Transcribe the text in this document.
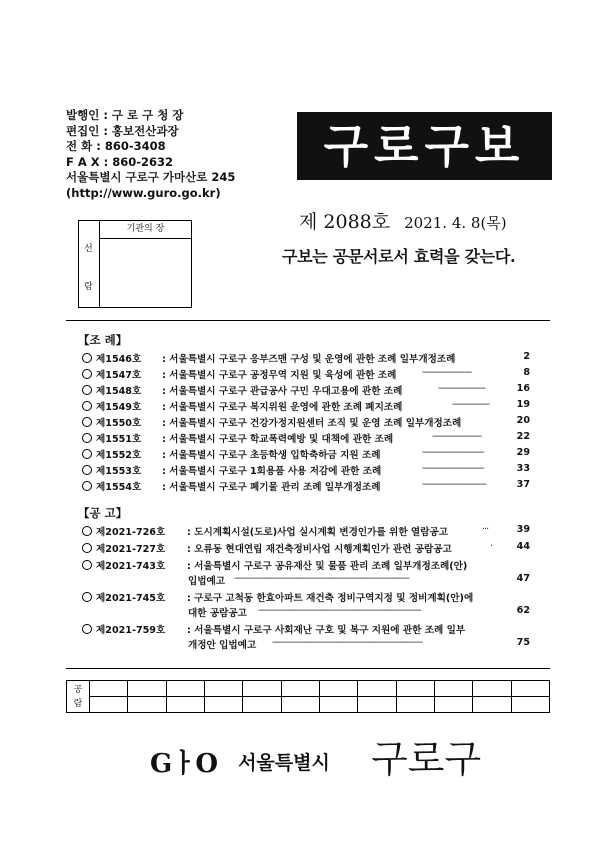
발행인 : 구 로 구 청 장
편집인 : 홍보전산과장
전 화 : 860-3408
F A X : 860-2632
서울특별시 구로구 가마산로 245
(http://www.guro.go.kr)
구로구보
제 2088호 2021. 4. 8(목)
구보는 공문서로서 효력을 갖는다.
선
람
기관의 장
【조 례】
제1546호 : 서울특별시 구로구 응부즈맨 구성 및 운영에 관한 조례 일부개정조례	2
제1547호 : 서울특별시 구로구 공정무역 지원 및 육성에 관한 조례	--------------------	8
제1548호 : 서울특별시 구로구 관급공사 구민 우대고용에 관한 조례	-------------------	16
제1549호 : 서울특별시 구로구 복지위원 운영에 관한 조례 폐지조례	---------------	19
제1550호 : 서울특별시 구로구 건강가정지원센터 조직 및 운영 조례 일부개정조례	20
제1551호 : 서울특별시 구로구 학교폭력예방 및 대책에 관한 조례	--------------------	22
제1552호 : 서울특별시 구로구 초등학생 입학축하금 지원 조례	-------------------------	29
제1553호 : 서울특별시 구로구 1회용품 사용 저감에 관한 조례	-------------------------	33
제1554호 : 서울특별시 구로구 폐기물 관리 조례 일부개정조례	--------------------------	37
【공 고】
제2021-726호 : 도시계획시설(도로)사업 실시계획 변경인가를 위한 열람공고	···	39
제2021-727호 : 오류동 현대연립 재건축정비사업 시행계획인가 관련 공람공고	·	44
제2021-743호 : 서울특별시 구로구 공유재산 및 물품 관리 조례 일부개정조례(안)
입법예고 -----------------------------------------------------------------------	47
제2021-745호 : 구로구 고척동 한효아파트 재건축 정비구역지정 및 정비계획(안)에
대한 공람공고 ------------------------------------------------------------------	62
제2021-759호 : 서울특별시 구로구 사회재난 구호 및 복구 지원에 관한 조례 일부
개정안 입법예고 -------------------------------------------------------------	75
공
람												

GㅏO 서울특별시 구로구
